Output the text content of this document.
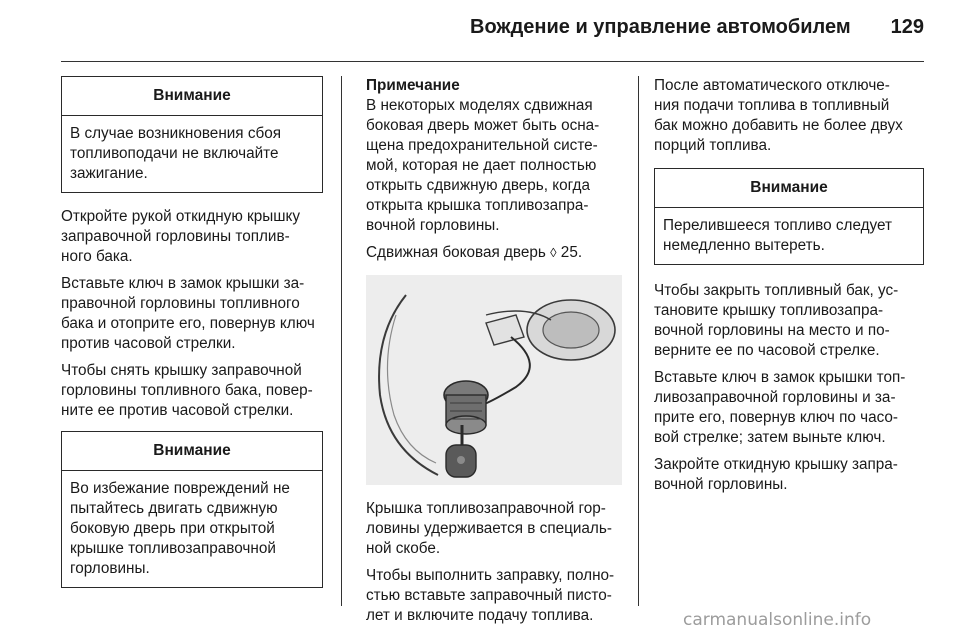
Вождение и управление автомобилем	129
Внимание
В случае возникновения сбоя
топливоподачи не включайте
зажигание.

Откройте рукой откидную крышку
заправочной горловины топлив-
ного бака.

Вставьте ключ в замок крышки за-
правочной горловины топливного
бака и отоприте его, повернув ключ
против часовой стрелки.

Чтобы снять крышку заправочной
горловины топливного бака, повер-
ните ее против часовой стрелки.

Внимание
Во избежание повреждений не
пытайтесь двигать сдвижную
боковую дверь при открытой
крышке топливозаправочной
горловины.
Примечание
В некоторых моделях сдвижная
боковая дверь может быть осна-
щена предохранительной систе-
мой, которая не дает полностью
открыть сдвижную дверь, когда
открыта крышка топливозапра-
вочной горловины.

Сдвижная боковая дверь ◊ 25.

Крышка топливозаправочной гор-
ловины удерживается в специаль-
ной скобе.

Чтобы выполнить заправку, полно-
стью вставьте заправочный писто-
лет и включите подачу топлива.

После автоматического отключе-
ния подачи топлива в топливный
бак можно добавить не более двух
порций топлива.

Внимание
Перелившееся топливо следует
немедленно вытереть.

Чтобы закрыть топливный бак, ус-
тановите крышку топливозапра-
вочной горловины на место и по-
верните ее по часовой стрелке.

Вставьте ключ в замок крышки топ-
ливозаправочной горловины и за-
прите его, повернув ключ по часо-
вой стрелке; затем выньте ключ.

Закройте откидную крышку запра-
вочной горловины.

carmanualsonline.info
